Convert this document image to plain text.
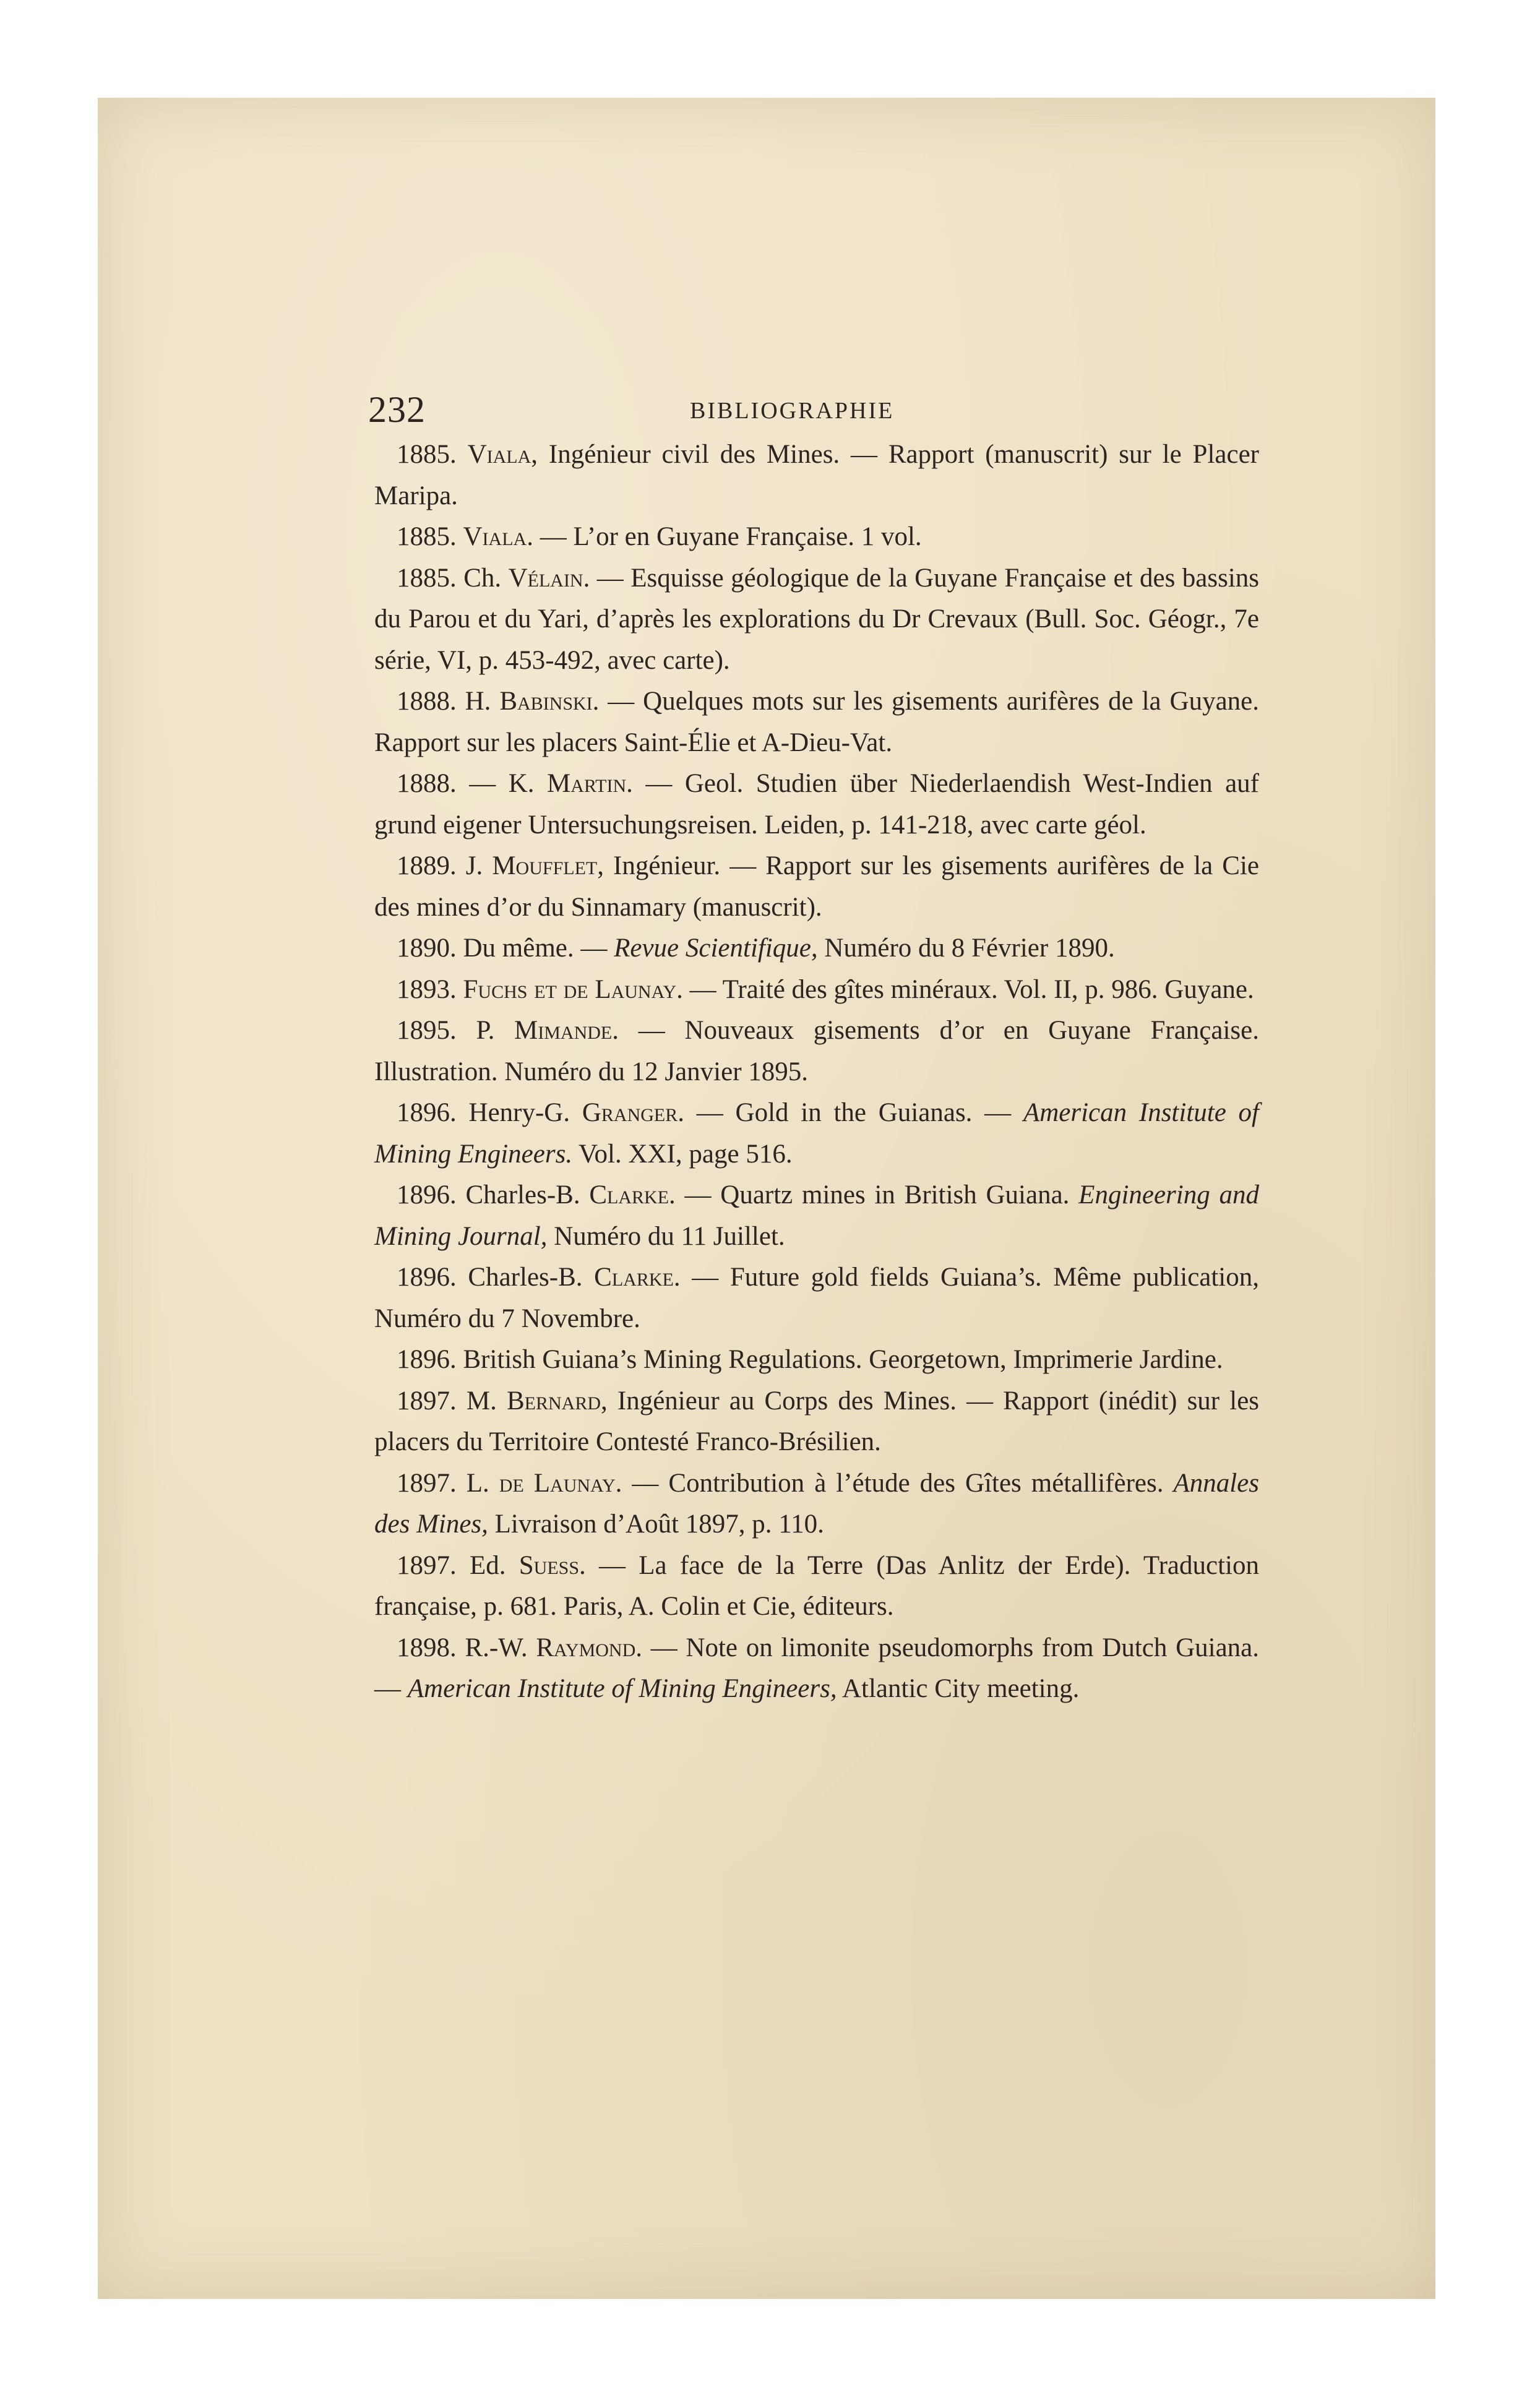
232	BIBLIOGRAPHIE

1885. Viala, Ingénieur civil des Mines. — Rapport (manuscrit) sur le Placer Maripa.

1885. Viala. — L’or en Guyane Française. 1 vol.

1885. Ch. Vélain. — Esquisse géologique de la Guyane Française et des bassins du Parou et du Yari, d’après les explorations du Dr Crevaux (Bull. Soc. Géogr., 7e série, VI, p. 453-492, avec carte).

1888. H. Babinski. — Quelques mots sur les gisements aurifères de la Guyane. Rapport sur les placers Saint-Élie et A-Dieu-Vat.

1888. — K. Martin. — Geol. Studien über Niederlaendish West-Indien auf grund eigener Untersuchungsreisen. Leiden, p. 141-218, avec carte géol.

1889. J. Moufflet, Ingénieur. — Rapport sur les gisements aurifères de la Cie des mines d’or du Sinnamary (manuscrit).

1890. Du même. — Revue Scientifique, Numéro du 8 Février 1890.

1893. Fuchs et de Launay. — Traité des gîtes minéraux. Vol. II, p. 986. Guyane.

1895. P. Mimande. — Nouveaux gisements d’or en Guyane Française. Illustration. Numéro du 12 Janvier 1895.

1896. Henry-G. Granger. — Gold in the Guianas. — American Institute of Mining Engineers. Vol. XXI, page 516.

1896. Charles-B. Clarke. — Quartz mines in British Guiana. Engineering and Mining Journal, Numéro du 11 Juillet.

1896. Charles-B. Clarke. — Future gold fields Guiana’s. Même publication, Numéro du 7 Novembre.

1896. British Guiana’s Mining Regulations. Georgetown, Imprimerie Jardine.

1897. M. Bernard, Ingénieur au Corps des Mines. — Rapport (inédit) sur les placers du Territoire Contesté Franco-Brésilien.

1897. L. de Launay. — Contribution à l’étude des Gîtes métallifères. Annales des Mines, Livraison d’Août 1897, p. 110.

1897. Ed. Suess. — La face de la Terre (Das Anlitz der Erde). Traduction française, p. 681. Paris, A. Colin et Cie, éditeurs.

1898. R.-W. Raymond. — Note on limonite pseudomorphs from Dutch Guiana. — American Institute of Mining Engineers, Atlantic City meeting.
